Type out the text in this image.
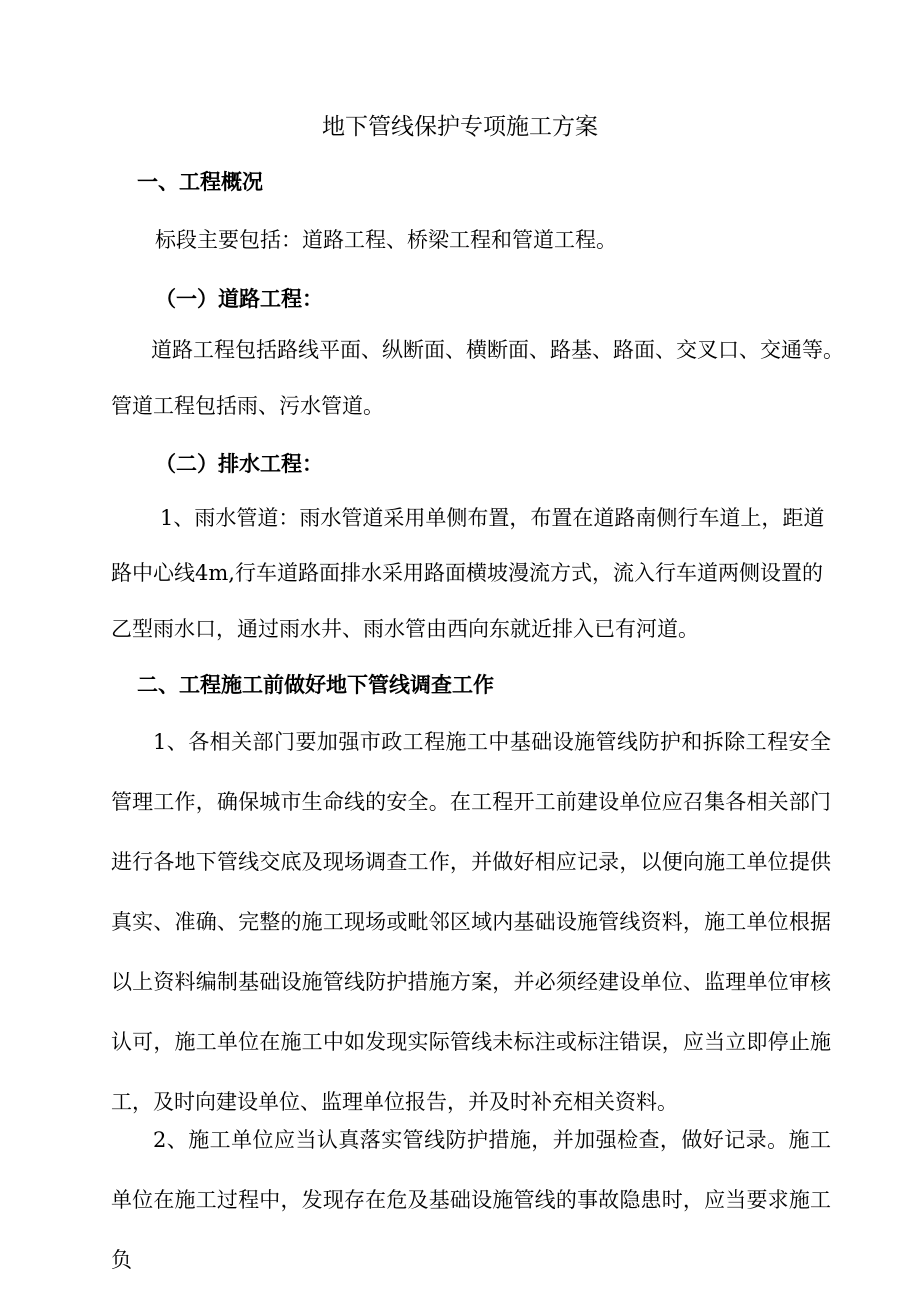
地下管线保护专项施工方案
一、工程概况
标段主要包括：道路工程、桥梁工程和管道工程。
（一）道路工程：
道路工程包括路线平面、纵断面、横断面、路基、路面、交叉口、交通等。
管道工程包括雨、污水管道。
（二）排水工程：
1、雨水管道：雨水管道采用单侧布置，布置在道路南侧行车道上，距道
路中心线4m,行车道路面排水采用路面横坡漫流方式，流入行车道两侧设置的
乙型雨水口，通过雨水井、雨水管由西向东就近排入已有河道。
二、工程施工前做好地下管线调查工作
1、各相关部门要加强市政工程施工中基础设施管线防护和拆除工程安全管理工作，确保城市生命线的安全。在工程开工前建设单位应召集各相关部门进行各地下管线交底及现场调查工作，并做好相应记录，以便向施工单位提供真实、准确、完整的施工现场或毗邻区域内基础设施管线资料，施工单位根据以上资料编制基础设施管线防护措施方案，并必须经建设单位、监理单位审核认可，施工单位在施工中如发现实际管线未标注或标注错误，应当立即停止施工，及时向建设单位、监理单位报告，并及时补充相关资料。
2、施工单位应当认真落实管线防护措施，并加强检查，做好记录。施工单位在施工过程中，发现存在危及基础设施管线的事故隐患时，应当要求施工负
